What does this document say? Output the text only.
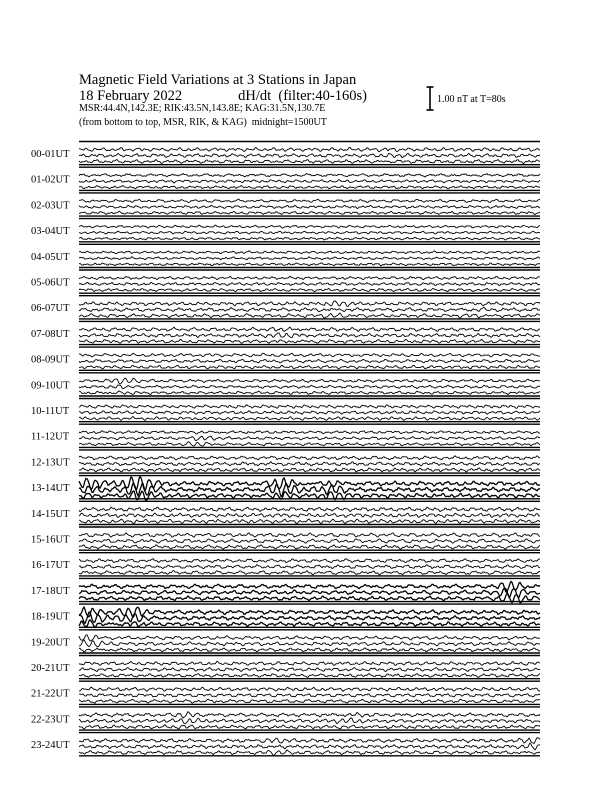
Magnetic Field Variations at 3 Stations in Japan
18 February 2022	dH/dt (filter:40-160s)
MSR:44.4N,142.3E; RIK:43.5N,143.8E; KAG:31.5N,130.7E
(from bottom to top, MSR, RIK, & KAG) midnight=1500UT
1.00 nT at T=80s
00-01UT
01-02UT
02-03UT
03-04UT
04-05UT
05-06UT
06-07UT
07-08UT
08-09UT
09-10UT
10-11UT
11-12UT
12-13UT
13-14UT
14-15UT
15-16UT
16-17UT
17-18UT
18-19UT
19-20UT
20-21UT
21-22UT
22-23UT
23-24UT
